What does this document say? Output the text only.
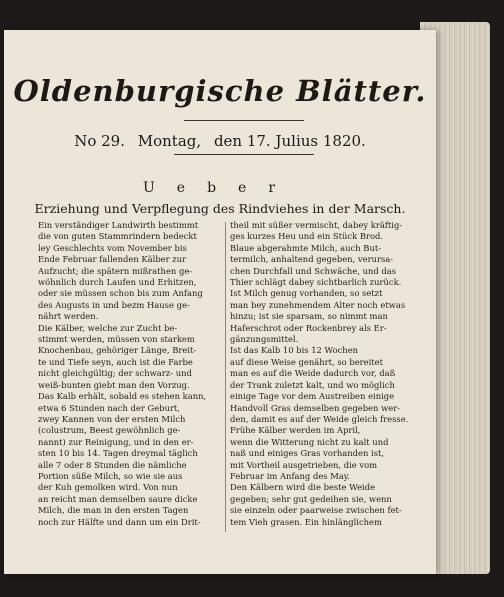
Oldenburgische Blätter.
No 29. Montag, den 17. Julius 1820.
Ueber
Erziehung und Verpflegung des Rindviehes in der Marsch.
Ein verständiger Landwirth bestimmt
die von guten Stammrindern bedeckt
ley Geschlechts vom November bis
Ende Februar fallenden Kälber zur
Aufzucht; die spätern mißrathen ge-
wöhnlich durch Laufen und Erhitzen,
oder sie müssen schon bis zum Anfang
des Augusts in und bezm Hause ge-
nährt werden.
Die Kälber, welche zur Zucht be-
stimmt werden, müssen von starkem
Knochenbau, gehöriger Länge, Breit-
te und Tiefe seyn, auch ist die Farbe
nicht gleichgültig; der schwarz- und
weiß-bunten giebt man den Vorzug.
Das Kalb erhält, sobald es stehen kann,
etwa 6 Stunden nach der Geburt,
zwey Kannen von der ersten Milch
(colustrum, Beest gewöhnlich ge-
nannt) zur Reinigung, und in den er-
sten 10 bis 14. Tagen dreymal täglich
alle 7 oder 8 Stunden die nämliche
Portion süße Milch, so wie sie aus
der Kuh gemolken wird. Von nun
an reicht man demselben saure dicke
Milch, die man in den ersten Tagen
noch zur Hälfte und dann um ein Drit-
theil mit süßer vermischt, dabey kräftig-
ges kurzes Heu und ein Stück Brod.
Blaue abgerahmte Milch, auch But-
termilch, anhaltend gegeben, verursa-
chen Durchfall und Schwäche, und das
Thier schlägt dabey sichtbarlich zurück.
Ist Milch genug vorhanden, so setzt
man bey zunehmendem Alter noch etwas
hinzu; ist sie sparsam, so nimmt man
Haferschrot oder Rockenbrey als Er-
gänzungsmittel.
Ist das Kalb 10 bis 12 Wochen
auf diese Weise genährt, so bereitet
man es auf die Weide dadurch vor, daß
der Trank zuletzt kalt, und wo möglich
einige Tage vor dem Austreiben einige
Handvoll Gras demselben gegeben wer-
den, damit es auf der Weide gleich fresse.
Frühe Kälber werden im April,
wenn die Witterung nicht zu kalt und
naß und einiges Gras vorhanden ist,
mit Vortheil ausgetrieben, die vom
Februar im Anfang des May.
Den Kälbern wird die beste Weide
gegeben; sehr gut gedeihen sie, wenn
sie einzeln oder paarweise zwischen fet-
tem Vieh grasen. Ein hinlänglichem
